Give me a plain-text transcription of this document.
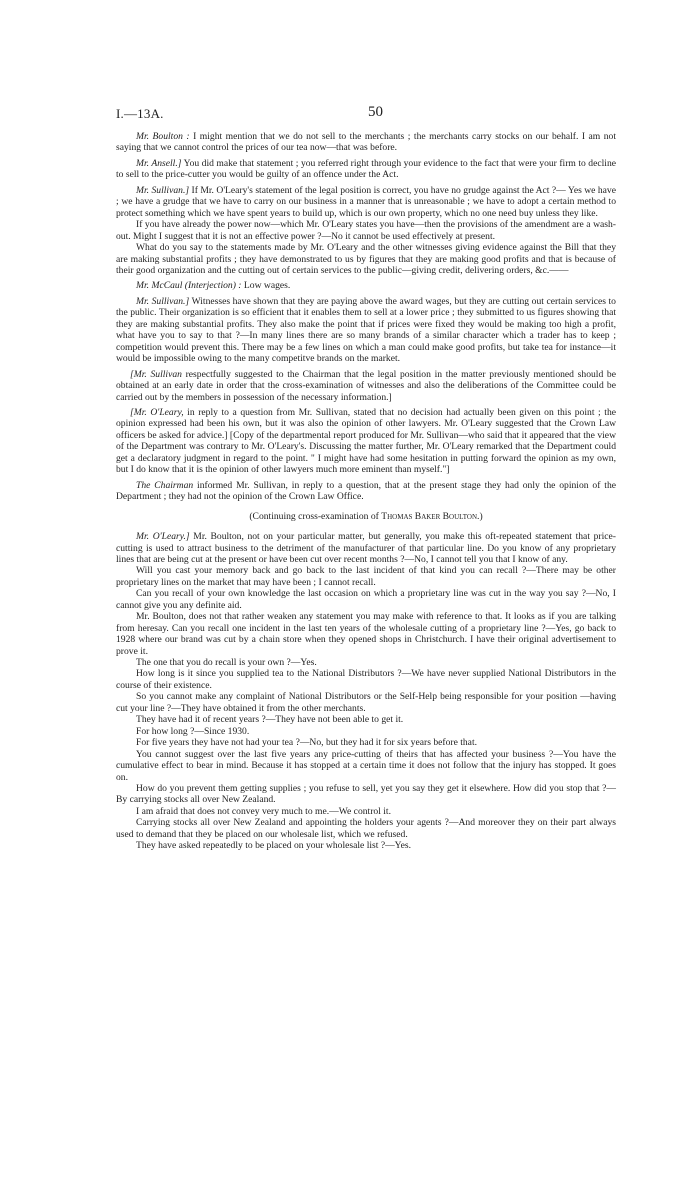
I.—13A.	50

Mr. Boulton : I might mention that we do not sell to the merchants ; the merchants carry stocks on our behalf. I am not saying that we cannot control the prices of our tea now—that was before.

Mr. Ansell.] You did make that statement ; you referred right through your evidence to the fact that were your firm to decline to sell to the price-cutter you would be guilty of an offence under the Act.

Mr. Sullivan.] If Mr. O'Leary's statement of the legal position is correct, you have no grudge against the Act ?— Yes we have ; we have a grudge that we have to carry on our business in a manner that is unreasonable ; we have to adopt a certain method to protect something which we have spent years to build up, which is our own property, which no one need buy unless they like.

If you have already the power now—which Mr. O'Leary states you have—then the provisions of the amendment are a wash-out. Might I suggest that it is not an effective power ?—No it cannot be used effectively at present.

What do you say to the statements made by Mr. O'Leary and the other witnesses giving evidence against the Bill that they are making substantial profits ; they have demonstrated to us by figures that they are making good profits and that is because of their good organization and the cutting out of certain services to the public—giving credit, delivering orders, &c.——

Mr. McCaul (Interjection) : Low wages.

Mr. Sullivan.] Witnesses have shown that they are paying above the award wages, but they are cutting out certain services to the public. Their organization is so efficient that it enables them to sell at a lower price ; they submitted to us figures showing that they are making substantial profits. They also make the point that if prices were fixed they would be making too high a profit, what have you to say to that ?—In many lines there are so many brands of a similar character which a trader has to keep ; competition would prevent this. There may be a few lines on which a man could make good profits, but take tea for instance—it would be impossible owing to the many competitve brands on the market.

[Mr. Sullivan respectfully suggested to the Chairman that the legal position in the matter previously mentioned should be obtained at an early date in order that the cross-examination of witnesses and also the deliberations of the Committee could be carried out by the members in possession of the necessary information.]

[Mr. O'Leary, in reply to a question from Mr. Sullivan, stated that no decision had actually been given on this point ; the opinion expressed had been his own, but it was also the opinion of other lawyers. Mr. O'Leary suggested that the Crown Law officers be asked for advice.] [Copy of the departmental report produced for Mr. Sullivan—who said that it appeared that the view of the Department was contrary to Mr. O'Leary's. Discussing the matter further, Mr. O'Leary remarked that the Department could get a declaratory judgment in regard to the point. " I might have had some hesitation in putting forward the opinion as my own, but I do know that it is the opinion of other lawyers much more eminent than myself."]

The Chairman informed Mr. Sullivan, in reply to a question, that at the present stage they had only the opinion of the Department ; they had not the opinion of the Crown Law Office.

(Continuing cross-examination of Thomas Baker Boulton.)

Mr. O'Leary.] Mr. Boulton, not on your particular matter, but generally, you make this oft-repeated statement that price-cutting is used to attract business to the detriment of the manufacturer of that particular line. Do you know of any proprietary lines that are being cut at the present or have been cut over recent months ?—No, I cannot tell you that I know of any.

Will you cast your memory back and go back to the last incident of that kind you can recall ?—There may be other proprietary lines on the market that may have been ; I cannot recall.

Can you recall of your own knowledge the last occasion on which a proprietary line was cut in the way you say ?—No, I cannot give you any definite aid.

Mr. Boulton, does not that rather weaken any statement you may make with reference to that. It looks as if you are talking from heresay. Can you recall one incident in the last ten years of the wholesale cutting of a proprietary line ?—Yes, go back to 1928 where our brand was cut by a chain store when they opened shops in Christchurch. I have their original advertisement to prove it.

The one that you do recall is your own ?—Yes.

How long is it since you supplied tea to the National Distributors ?—We have never supplied National Distributors in the course of their existence.

So you cannot make any complaint of National Distributors or the Self-Help being responsible for your position —having cut your line ?—They have obtained it from the other merchants.

They have had it of recent years ?—They have not been able to get it.

For how long ?—Since 1930.

For five years they have not had your tea ?—No, but they had it for six years before that.

You cannot suggest over the last five years any price-cutting of theirs that has affected your business ?—You have the cumulative effect to bear in mind. Because it has stopped at a certain time it does not follow that the injury has stopped. It goes on.

How do you prevent them getting supplies ; you refuse to sell, yet you say they get it elsewhere. How did you stop that ?—By carrying stocks all over New Zealand.

I am afraid that does not convey very much to me.—We control it.

Carrying stocks all over New Zealand and appointing the holders your agents ?—And moreover they on their part always used to demand that they be placed on our wholesale list, which we refused.

They have asked repeatedly to be placed on your wholesale list ?—Yes.
